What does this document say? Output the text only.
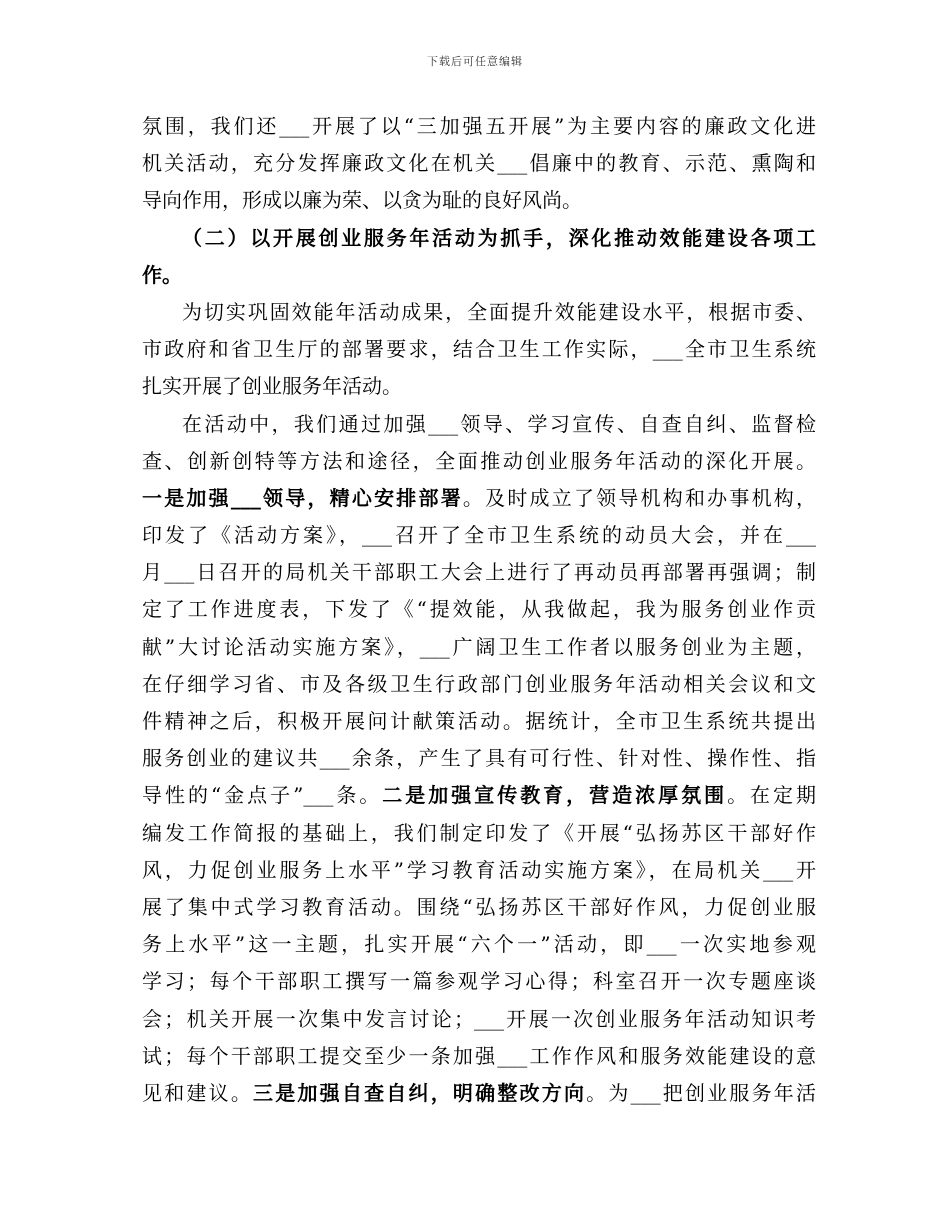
下载后可任意编辑
氛围，我们还___开展了以“三加强五开展”为主要内容的廉政文化进
机关活动，充分发挥廉政文化在机关___倡廉中的教育、示范、熏陶和
导向作用，形成以廉为荣、以贪为耻的良好风尚。
（二）以开展创业服务年活动为抓手，深化推动效能建设各项工
作。
为切实巩固效能年活动成果，全面提升效能建设水平，根据市委、
市政府和省卫生厅的部署要求，结合卫生工作实际，___全市卫生系统
扎实开展了创业服务年活动。
在活动中，我们通过加强___领导、学习宣传、自查自纠、监督检
查、创新创特等方法和途径，全面推动创业服务年活动的深化开展。
一是加强___领导，精心安排部署。及时成立了领导机构和办事机构，
印发了《活动方案》，___召开了全市卫生系统的动员大会，并在___
月___日召开的局机关干部职工大会上进行了再动员再部署再强调；制
定了工作进度表，下发了《“提效能，从我做起，我为服务创业作贡
献”大讨论活动实施方案》，___广阔卫生工作者以服务创业为主题，
在仔细学习省、市及各级卫生行政部门创业服务年活动相关会议和文
件精神之后，积极开展问计献策活动。据统计，全市卫生系统共提出
服务创业的建议共___余条，产生了具有可行性、针对性、操作性、指
导性的“金点子”___条。二是加强宣传教育，营造浓厚氛围。在定期
编发工作简报的基础上，我们制定印发了《开展“弘扬苏区干部好作
风，力促创业服务上水平”学习教育活动实施方案》，在局机关___开
展了集中式学习教育活动。围绕“弘扬苏区干部好作风，力促创业服
务上水平”这一主题，扎实开展“六个一”活动，即___一次实地参观
学习；每个干部职工撰写一篇参观学习心得；科室召开一次专题座谈
会；机关开展一次集中发言讨论；___开展一次创业服务年活动知识考
试；每个干部职工提交至少一条加强___工作作风和服务效能建设的意
见和建议。三是加强自查自纠，明确整改方向。为___把创业服务年活
